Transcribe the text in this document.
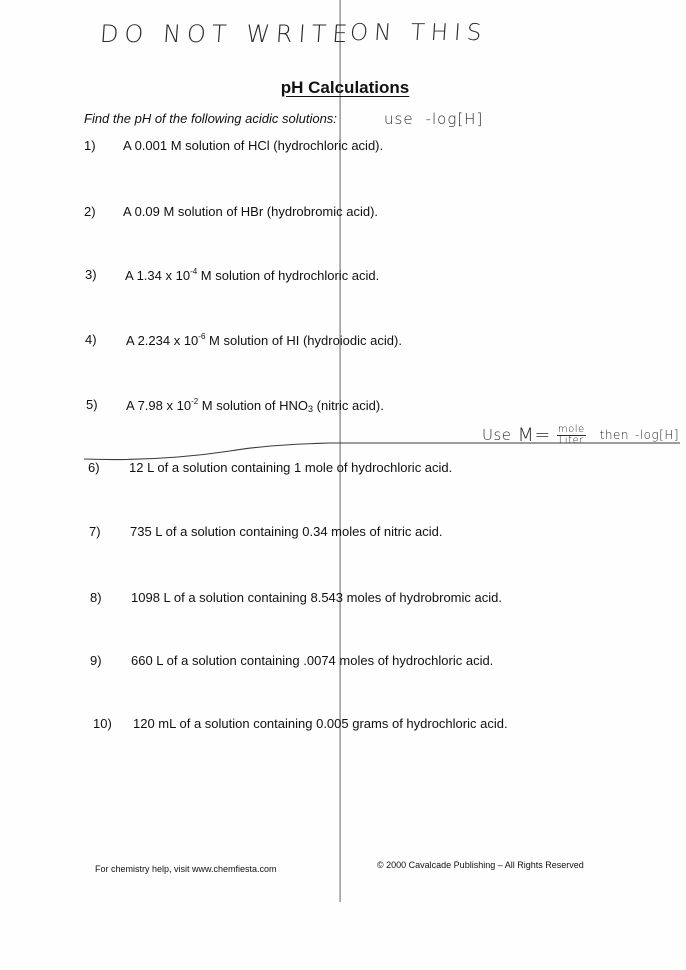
DO NOT WRITE
ON THIS
pH Calculations
Find the pH of the following acidic solutions:	use -log[H]
1) A 0.001 M solution of HCl (hydrochloric acid).
2) A 0.09 M solution of HBr (hydrobromic acid).
3) A 1.34 x $10^{-4}$ M solution of hydrochloric acid.
4) A 2.234 x $10^{-6}$ M solution of HI (hydroiodic acid).
5) A 7.98 x $10^{-2}$ M solution of $HNO_3$ (nitric acid).
Use $M= \frac{\text{mole}}{\text{Liter}}$ then -log[H]
6) 12 L of a solution containing 1 mole of hydrochloric acid.
7) 735 L of a solution containing 0.34 moles of nitric acid.
8) 1098 L of a solution containing 8.543 moles of hydrobromic acid.
9) 660 L of a solution containing .0074 moles of hydrochloric acid.
10) 120 mL of a solution containing 0.005 grams of hydrochloric acid.
For chemistry help, visit www.chemfiesta.com	© 2000 Cavalcade Publishing – All Rights Reserved
